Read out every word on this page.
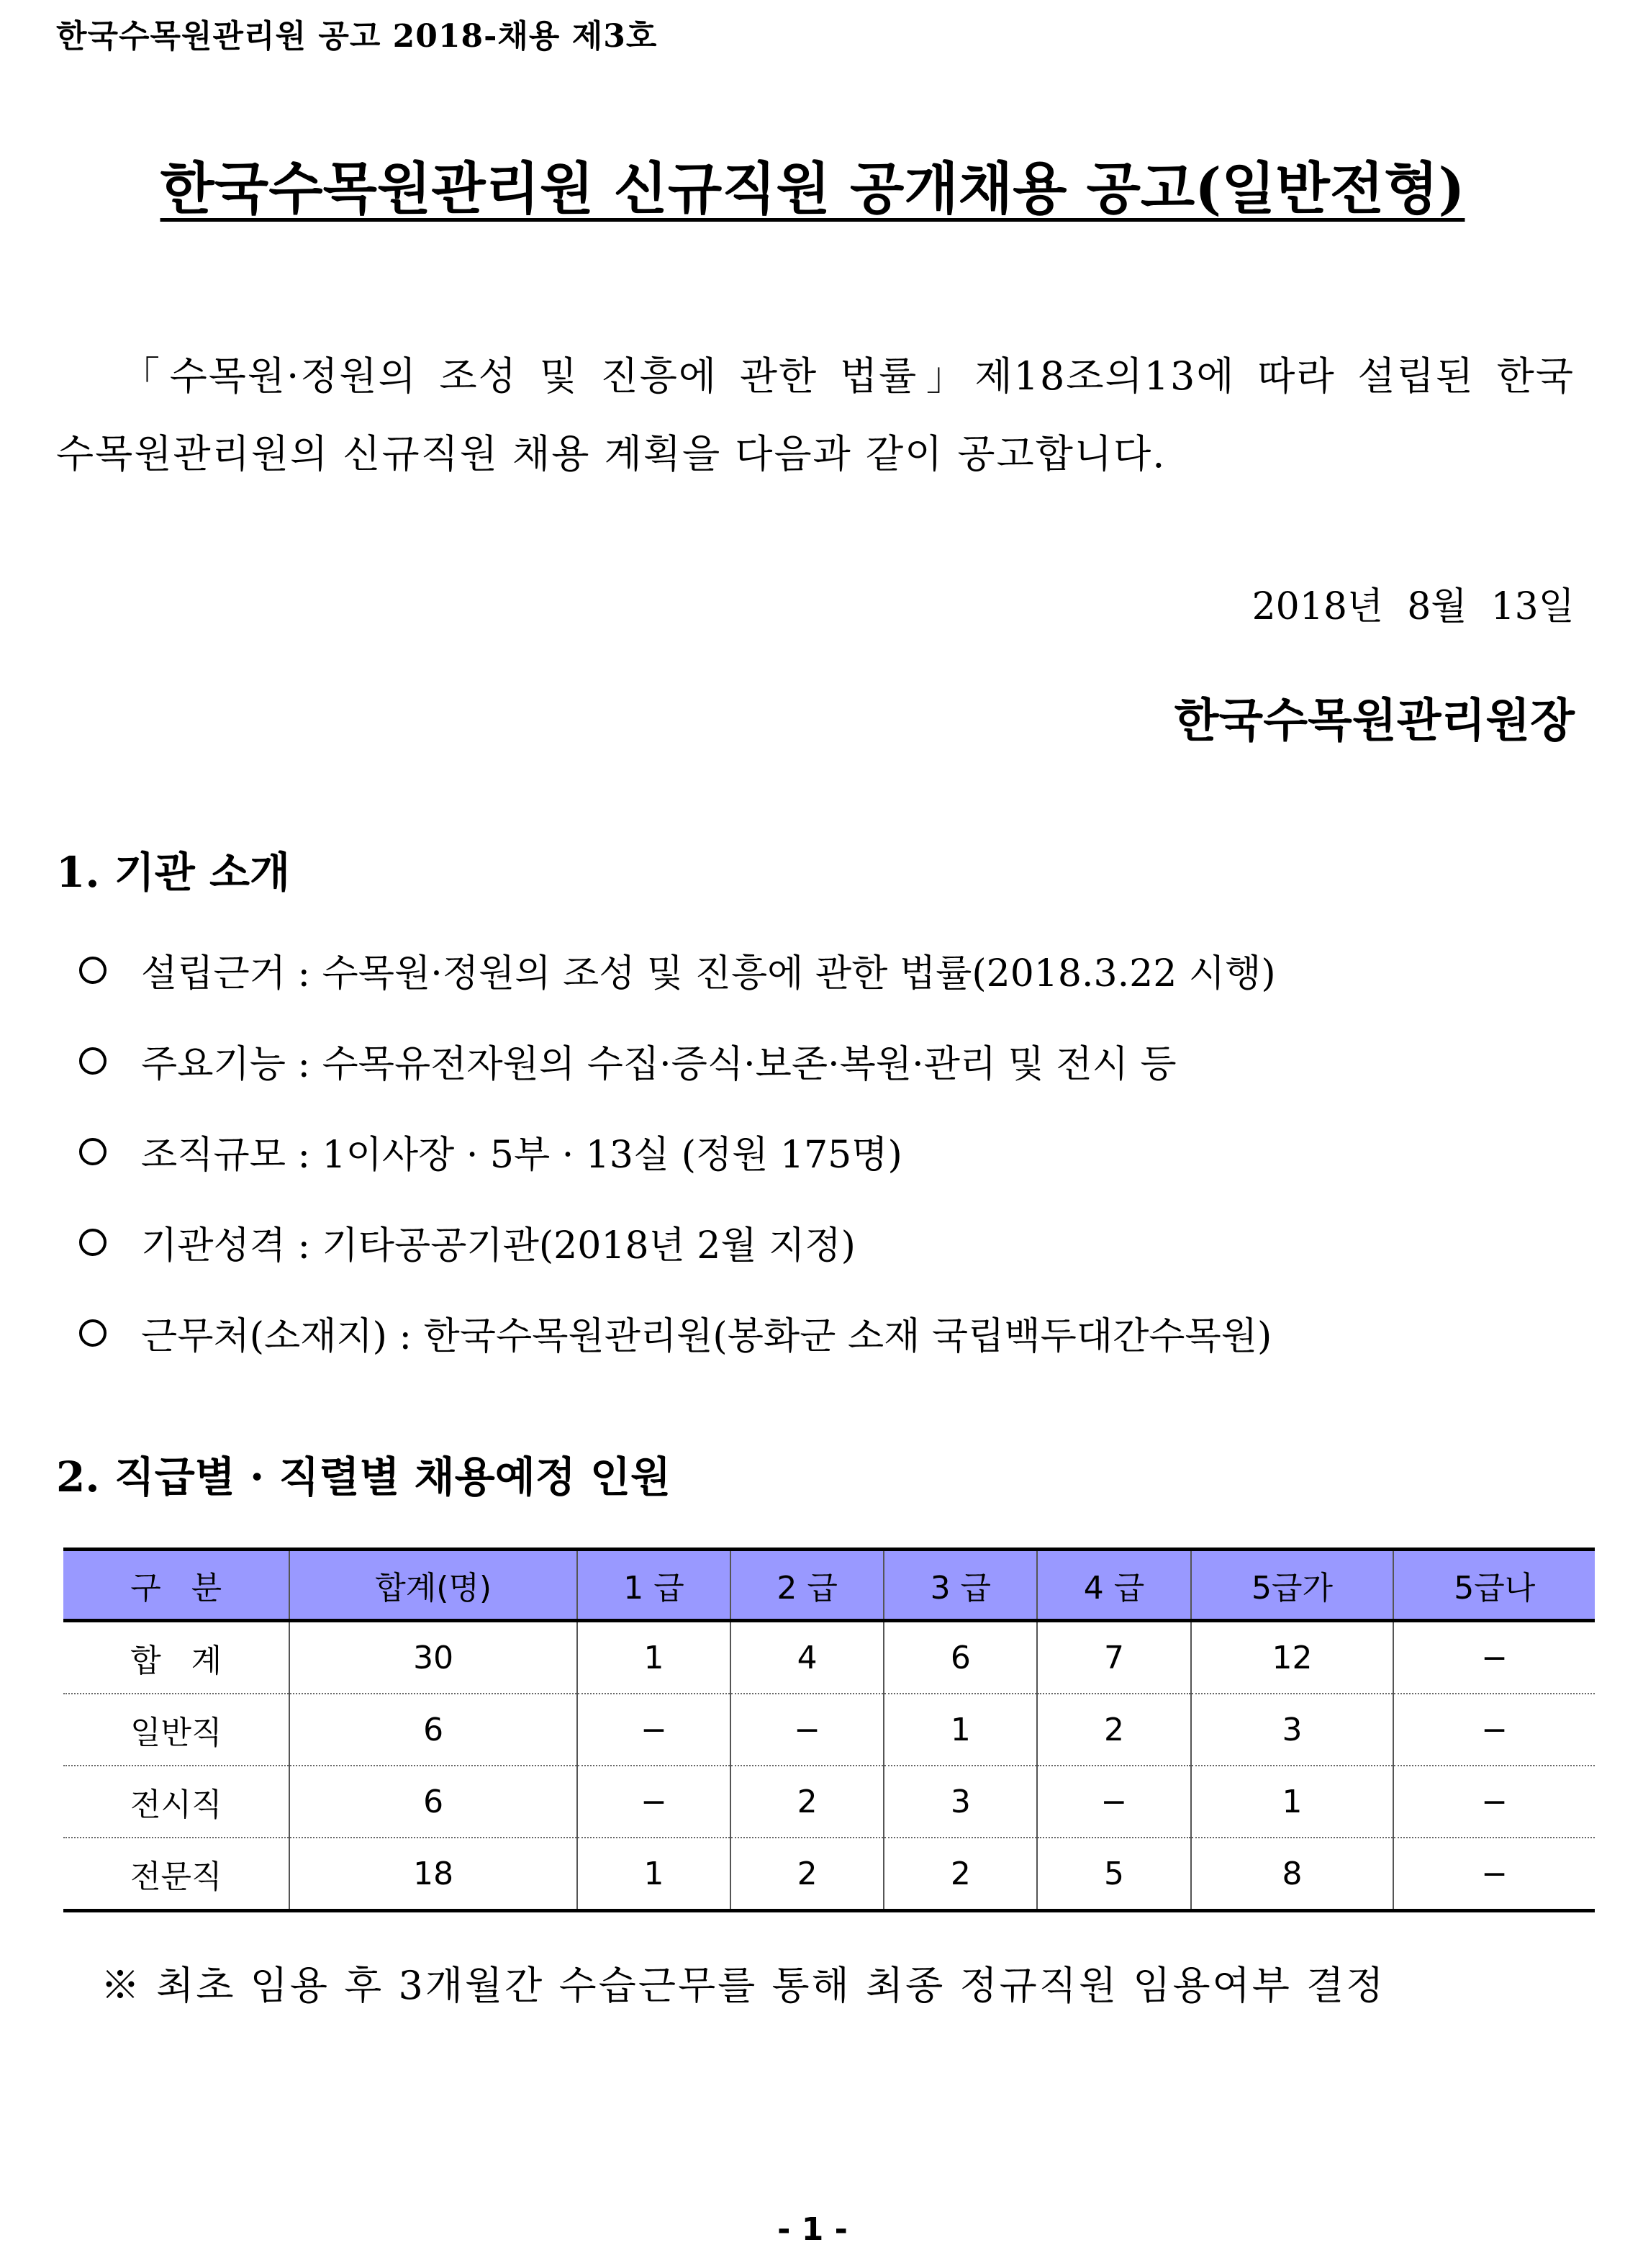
한국수목원관리원 공고 2018-채용 제3호
한국수목원관리원 신규직원 공개채용 공고(일반전형)
「수목원·정원의 조성 및 진흥에 관한 법률」제18조의13에 따라 설립된 한국
수목원관리원의 신규직원 채용 계획을 다음과 같이 공고합니다.
2018년  8월  13일
한국수목원관리원장
1. 기관 소개
설립근거 : 수목원·정원의 조성 및 진흥에 관한 법률(2018.3.22 시행)
주요기능 : 수목유전자원의 수집·증식·보존·복원·관리 및 전시 등
조직규모 : 1이사장 · 5부 · 13실 (정원 175명)
기관성격 : 기타공공기관(2018년 2월 지정)
근무처(소재지) : 한국수목원관리원(봉화군 소재 국립백두대간수목원)
2. 직급별 · 직렬별 채용예정 인원
구   분	합계(명)	1 급	2 급	3 급	4 급	5급가	5급나
합   계	30	1	4	6	7	12	−
일반직	6	−	−	1	2	3	−
전시직	6	−	2	3	−	1	−
전문직	18	1	2	2	5	8	−
※ 최초 임용 후 3개월간 수습근무를 통해 최종 정규직원 임용여부 결정
- 1 -
